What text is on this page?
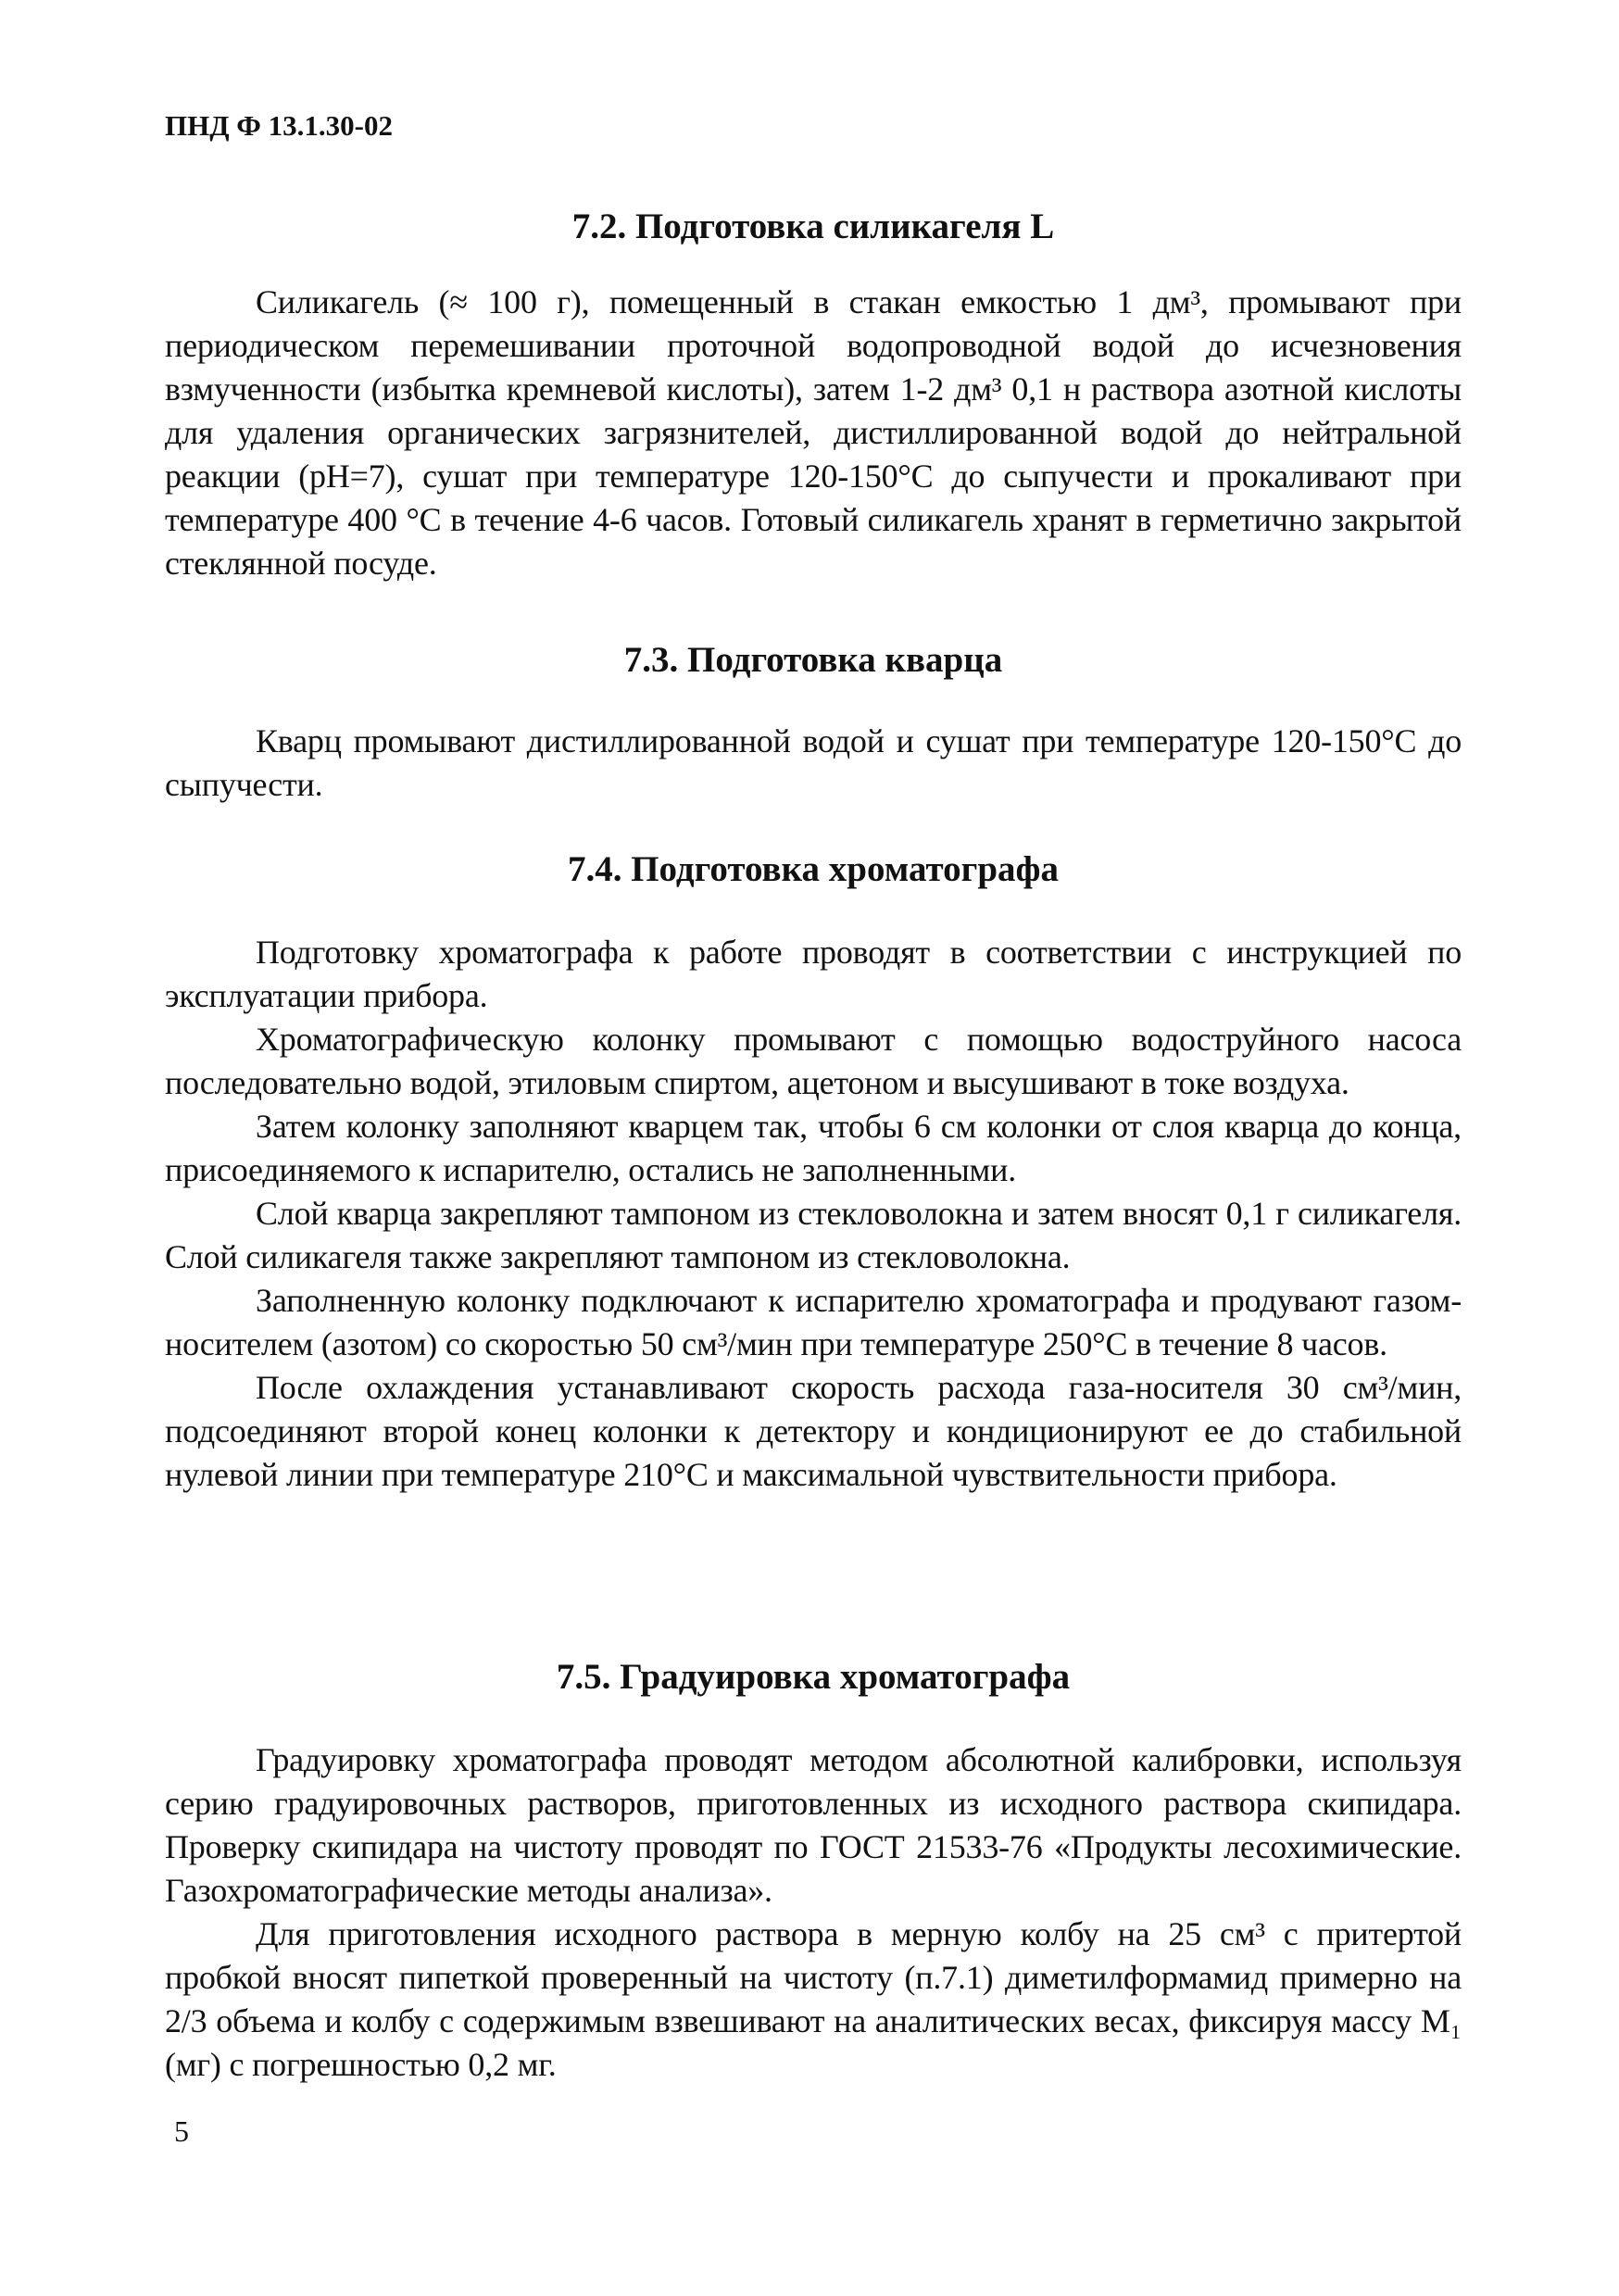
ПНД Ф 13.1.30-02
7.2. Подготовка силикагеля L

Силикагель (≈ 100 г), помещенный в стакан емкостью 1 дм³, промывают при периодическом перемешивании проточной водопроводной водой до исчезновения взмученности (избытка кремневой кислоты), затем 1-2 дм³ 0,1 н раствора азотной кислоты для удаления органических загрязнителей, дистиллированной водой до нейтральной реакции (рН=7), сушат при температуре 120-150°С до сыпучести и прокаливают при температуре 400 °С в течение 4-6 часов. Готовый силикагель хранят в герметично закрытой стеклянной посуде.

7.3. Подготовка кварца

Кварц промывают дистиллированной водой и сушат при температуре 120-150°С до сыпучести.

7.4. Подготовка хроматографа

Подготовку хроматографа к работе проводят в соответствии с инструкцией по эксплуатации прибора.

Хроматографическую колонку промывают с помощью водоструйного насоса последовательно водой, этиловым спиртом, ацетоном и высушивают в токе воздуха.

Затем колонку заполняют кварцем так, чтобы 6 см колонки от слоя кварца до конца, присоединяемого к испарителю, остались не заполненными.

Слой кварца закрепляют тампоном из стекловолокна и затем вносят 0,1 г силикагеля. Слой силикагеля также закрепляют тампоном из стекловолокна.

Заполненную колонку подключают к испарителю хроматографа и продувают газом-носителем (азотом) со скоростью 50 см³/мин при температуре 250°С в течение 8 часов.

После охлаждения устанавливают скорость расхода газа-носителя 30 см³/мин, подсоединяют второй конец колонки к детектору и кондиционируют ее до стабильной нулевой линии при температуре 210°С и максимальной чувствительности прибора.

7.5. Градуировка хроматографа

Градуировку хроматографа проводят методом абсолютной калибровки, используя серию градуировочных растворов, приготовленных из исходного раствора скипидара. Проверку скипидара на чистоту проводят по ГОСТ 21533-76 «Продукты лесохимические. Газохроматографические методы анализа».

Для приготовления исходного раствора в мерную колбу на 25 см³ с притертой пробкой вносят пипеткой проверенный на чистоту (п.7.1) диметилформамид примерно на 2/3 объема и колбу с содержимым взвешивают на аналитических весах, фиксируя массу M₁ (мг) с погрешностью 0,2 мг.

5
